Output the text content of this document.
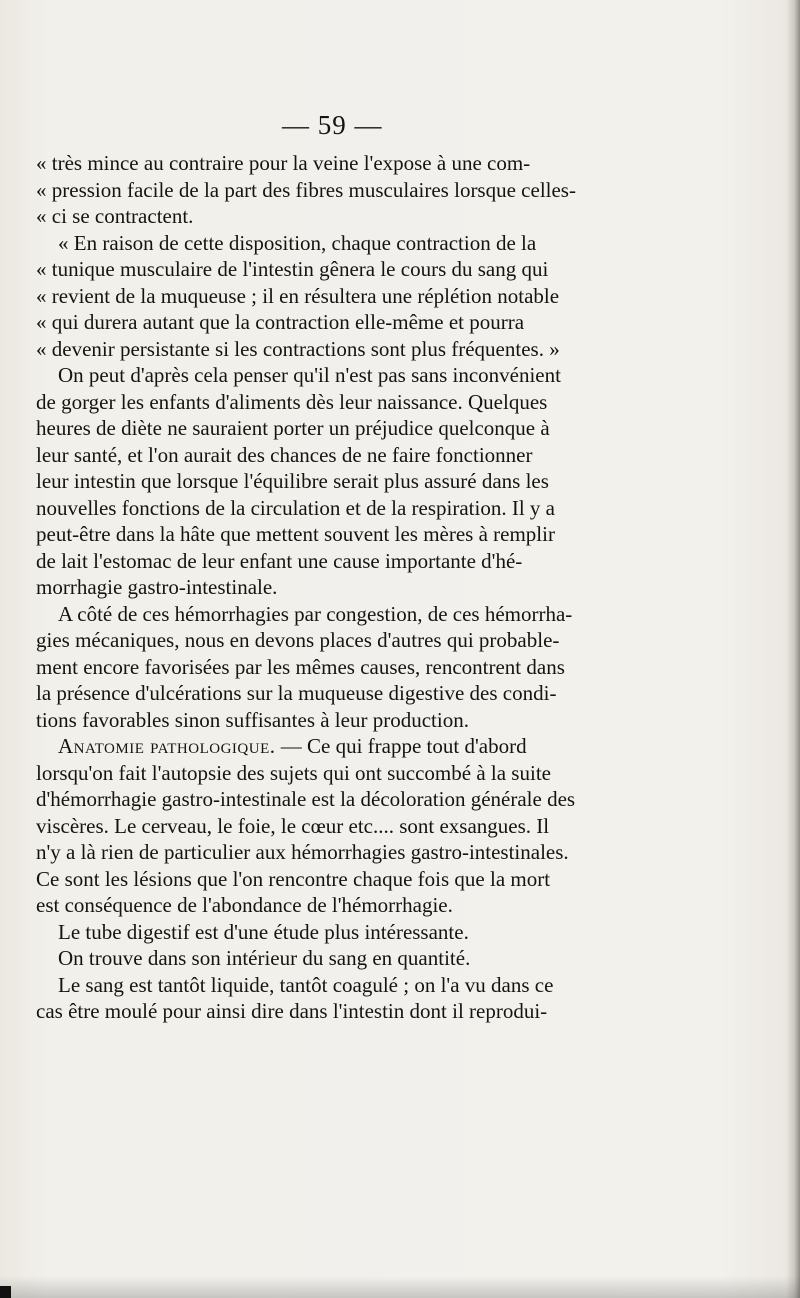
— 59 —
« très mince au contraire pour la veine l'expose à une com-
« pression facile de la part des fibres musculaires lorsque celles-
« ci se contractent.
« En raison de cette disposition, chaque contraction de la
« tunique musculaire de l'intestin gênera le cours du sang qui
« revient de la muqueuse ; il en résultera une réplétion notable
« qui durera autant que la contraction elle-même et pourra
« devenir persistante si les contractions sont plus fréquentes. »
On peut d'après cela penser qu'il n'est pas sans inconvénient
de gorger les enfants d'aliments dès leur naissance. Quelques
heures de diète ne sauraient porter un préjudice quelconque à
leur santé, et l'on aurait des chances de ne faire fonctionner
leur intestin que lorsque l'équilibre serait plus assuré dans les
nouvelles fonctions de la circulation et de la respiration. Il y a
peut-être dans la hâte que mettent souvent les mères à remplir
de lait l'estomac de leur enfant une cause importante d'hé-
morrhagie gastro-intestinale.
A côté de ces hémorrhagies par congestion, de ces hémorrha-
gies mécaniques, nous en devons places d'autres qui probable-
ment encore favorisées par les mêmes causes, rencontrent dans
la présence d'ulcérations sur la muqueuse digestive des condi-
tions favorables sinon suffisantes à leur production.
Anatomie pathologique. — Ce qui frappe tout d'abord
lorsqu'on fait l'autopsie des sujets qui ont succombé à la suite
d'hémorrhagie gastro-intestinale est la décoloration générale des
viscères. Le cerveau, le foie, le cœur etc.... sont exsangues. Il
n'y a là rien de particulier aux hémorrhagies gastro-intestinales.
Ce sont les lésions que l'on rencontre chaque fois que la mort
est conséquence de l'abondance de l'hémorrhagie.
Le tube digestif est d'une étude plus intéressante.
On trouve dans son intérieur du sang en quantité.
Le sang est tantôt liquide, tantôt coagulé ; on l'a vu dans ce
cas être moulé pour ainsi dire dans l'intestin dont il reprodui-
